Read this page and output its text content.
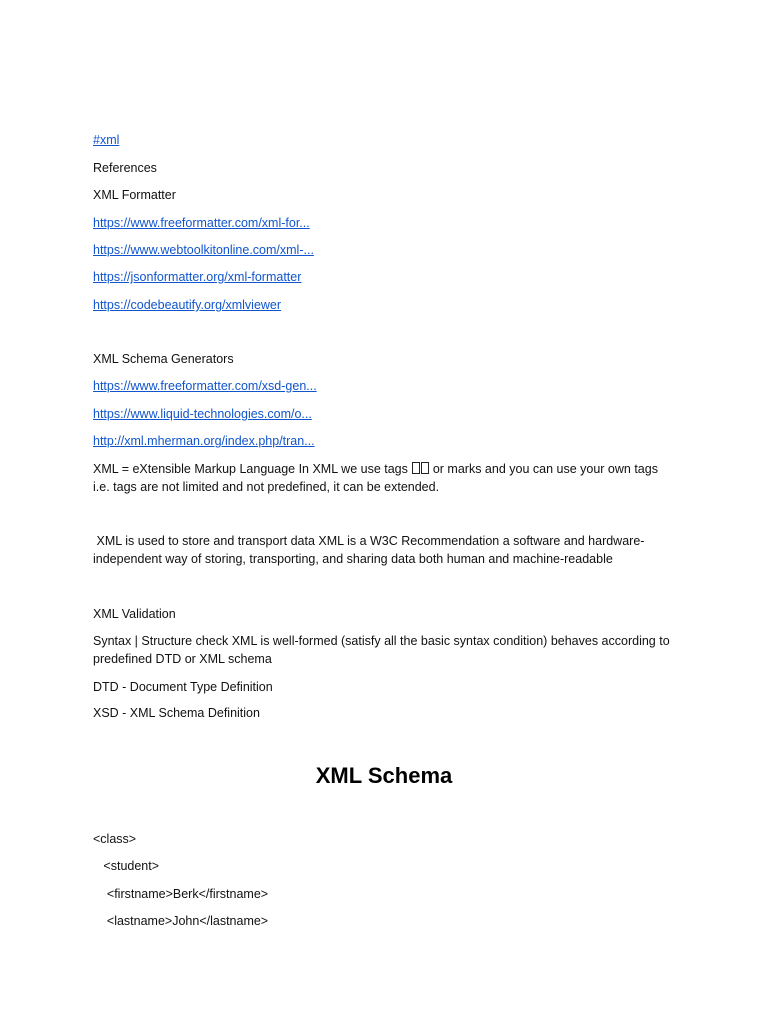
#xml
References
XML Formatter
https://www.freeformatter.com/xml-for...
https://www.webtoolkitonline.com/xml-...
https://jsonformatter.org/xml-formatter
https://codebeautify.org/xmlviewer
XML Schema Generators
https://www.freeformatter.com/xsd-gen...
https://www.liquid-technologies.com/o...
http://xml.mherman.org/index.php/tran...
XML = eXtensible Markup Language In XML we use tags  or marks and you can use your own tags i.e. tags are not limited and not predefined, it can be extended.
XML is used to store and transport data XML is a W3C Recommendation a software and hardware-independent way of storing, transporting, and sharing data both human and machine-readable
XML Validation
Syntax | Structure check XML is well-formed (satisfy all the basic syntax condition) behaves according to predefined DTD or XML schema
DTD - Document Type Definition
XSD - XML Schema Definition
XML Schema
<class>
<student>
<firstname>Berk</firstname>
<lastname>John</lastname>
